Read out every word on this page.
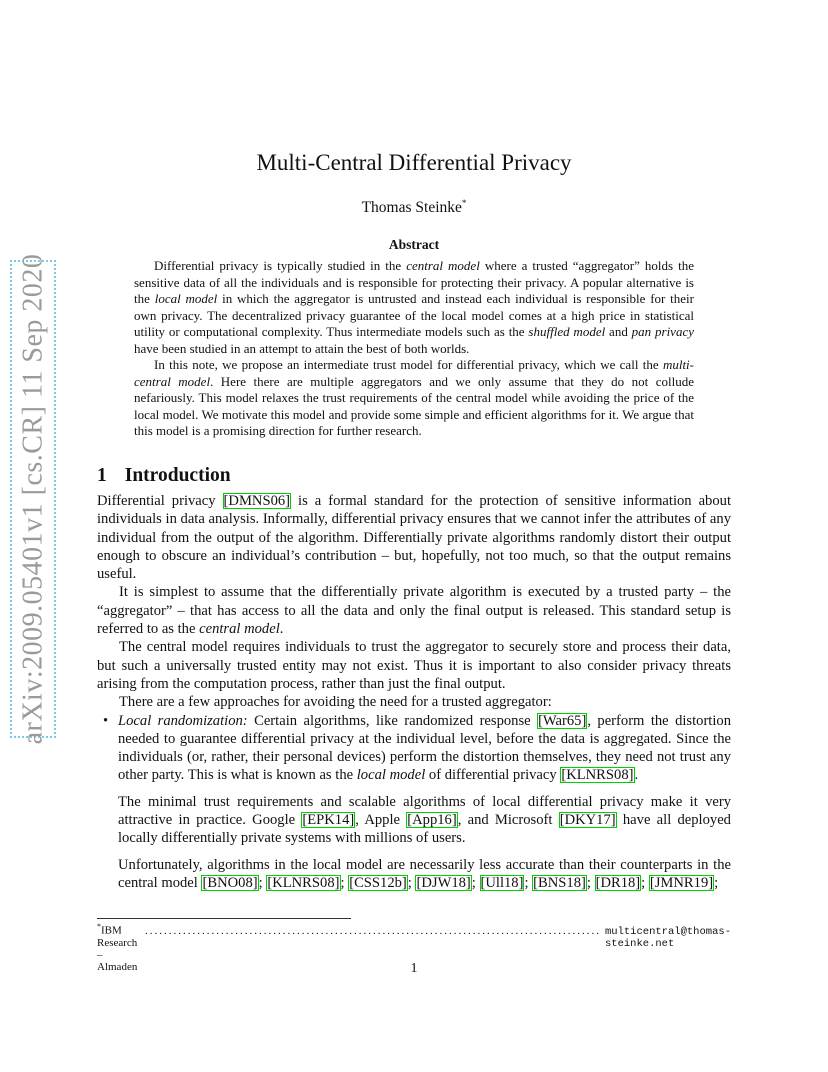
arXiv:2009.05401v1 [cs.CR] 11 Sep 2020
Multi-Central Differential Privacy
Thomas Steinke*
Abstract

Differential privacy is typically studied in the central model where a trusted “aggregator” holds the sensitive data of all the individuals and is responsible for protecting their privacy. A popular alternative is the local model in which the aggregator is untrusted and instead each individual is responsible for their own privacy. The decentralized privacy guarantee of the local model comes at a high price in statistical utility or computational complexity. Thus intermediate models such as the shuffled model and pan privacy have been studied in an attempt to attain the best of both worlds.

In this note, we propose an intermediate trust model for differential privacy, which we call the multi-central model. Here there are multiple aggregators and we only assume that they do not collude nefariously. This model relaxes the trust requirements of the central model while avoiding the price of the local model. We motivate this model and provide some simple and efficient algorithms for it. We argue that this model is a promising direction for further research.

1 Introduction

Differential privacy [DMNS06] is a formal standard for the protection of sensitive information about individuals in data analysis. Informally, differential privacy ensures that we cannot infer the attributes of any individual from the output of the algorithm. Differentially private algorithms randomly distort their output enough to obscure an individual’s contribution – but, hopefully, not too much, so that the output remains useful.

It is simplest to assume that the differentially private algorithm is executed by a trusted party – the “aggregator” – that has access to all the data and only the final output is released. This standard setup is referred to as the central model.

The central model requires individuals to trust the aggregator to securely store and process their data, but such a universally trusted entity may not exist. Thus it is important to also consider privacy threats arising from the computation process, rather than just the final output.

There are a few approaches for avoiding the need for a trusted aggregator:

• Local randomization: Certain algorithms, like randomized response [War65], perform the distortion needed to guarantee differential privacy at the individual level, before the data is aggregated. Since the individuals (or, rather, their personal devices) perform the distortion themselves, they need not trust any other party. This is what is known as the local model of differential privacy [KLNRS08].

The minimal trust requirements and scalable algorithms of local differential privacy make it very attractive in practice. Google [EPK14], Apple [App16], and Microsoft [DKY17] have all deployed locally differentially private systems with millions of users.

Unfortunately, algorithms in the local model are necessarily less accurate than their counterparts in the central model [BNO08]; [KLNRS08]; [CSS12b]; [DJW18]; [Ull18]; [BNS18]; [DR18]; [JMNR19];

*IBM Research – Almaden
................................................................................................ multicentral@thomas-steinke.net
1
